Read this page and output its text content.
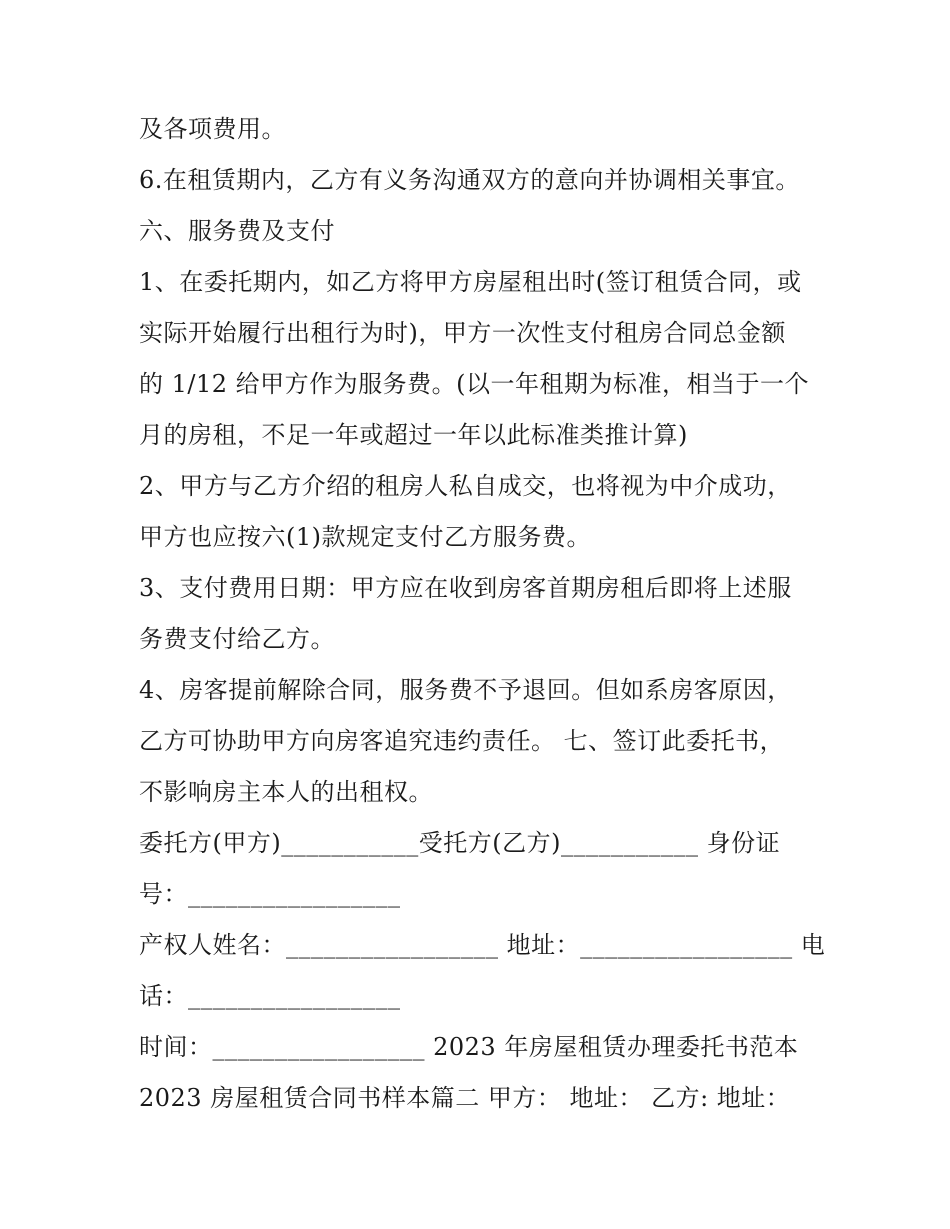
及各项费用。
6.在租赁期内，乙方有义务沟通双方的意向并协调相关事宜。
六、服务费及支付
1、在委托期内，如乙方将甲方房屋租出时(签订租赁合同，或
实际开始履行出租行为时)，甲方一次性支付租房合同总金额
的 1/12 给甲方作为服务费。(以一年租期为标准，相当于一个
月的房租，不足一年或超过一年以此标准类推计算)
2、甲方与乙方介绍的租房人私自成交，也将视为中介成功，
甲方也应按六(1)款规定支付乙方服务费。
3、支付费用日期：甲方应在收到房客首期房租后即将上述服
务费支付给乙方。
4、房客提前解除合同，服务费不予退回。但如系房客原因，
乙方可协助甲方向房客追究违约责任。 七、签订此委托书，
不影响房主本人的出租权。
委托方(甲方)___________受托方(乙方)___________ 身份证
号：_________________
产权人姓名：_________________ 地址：_________________ 电
话：_________________
时间：_________________ 2023 年房屋租赁办理委托书范本
2023 房屋租赁合同书样本篇二 甲方： 地址： 乙方: 地址：
